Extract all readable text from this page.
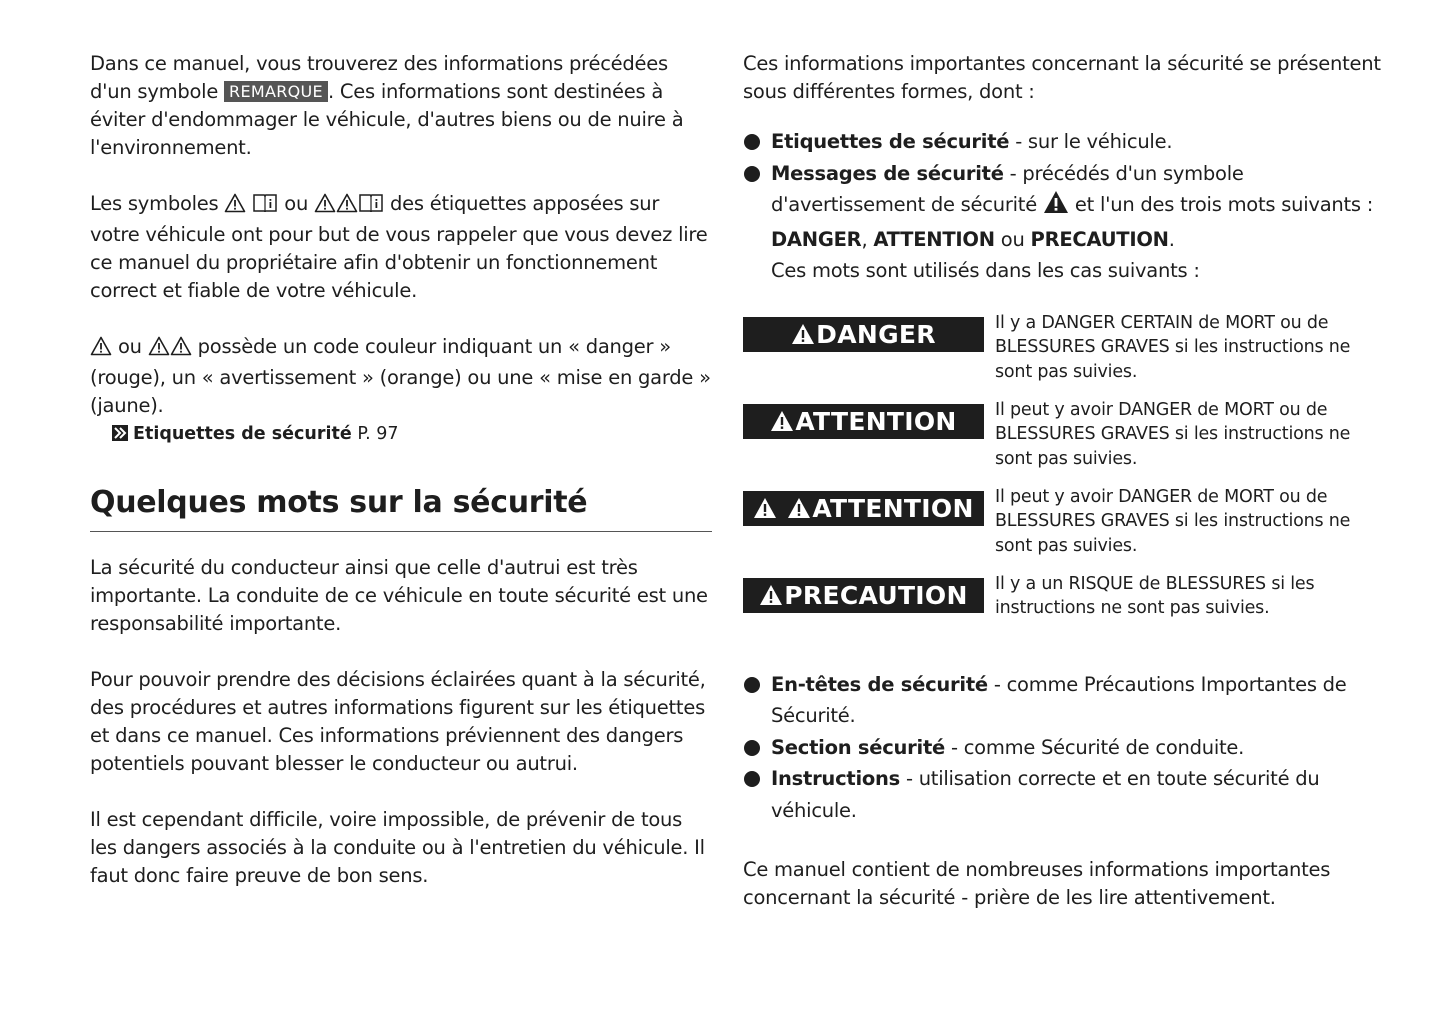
Dans ce manuel, vous trouverez des informations précédées d'un symbole REMARQUE . Ces informations sont destinées à éviter d'endommager le véhicule, d'autres biens ou de nuire à l'environnement.

Les symboles	ou	des étiquettes apposées sur votre véhicule ont pour but de vous rappeler que vous devez lire ce manuel du propriétaire afin d'obtenir un fonctionnement correct et fiable de votre véhicule.

ou  possède un code couleur indiquant un « danger » (rouge), un « avertissement » (orange) ou une « mise en garde » (jaune).

Etiquettes de sécurité P. 97
Quelques mots sur la sécurité

La sécurité du conducteur ainsi que celle d'autrui est très importante. La conduite de ce véhicule en toute sécurité est une responsabilité importante.

Pour pouvoir prendre des décisions éclairées quant à la sécurité, des procédures et autres informations figurent sur les étiquettes et dans ce manuel. Ces informations préviennent des dangers potentiels pouvant blesser le conducteur ou autrui.

Il est cependant difficile, voire impossible, de prévenir de tous les dangers associés à la conduite ou à l'entretien du véhicule. Il faut donc faire preuve de bon sens.

Ces informations importantes concernant la sécurité se présentent sous différentes formes, dont :

Etiquettes de sécurité - sur le véhicule.
Messages de sécurité - précédés d'un symbole d'avertissement de sécurité  et l'un des trois mots suivants : DANGER, ATTENTION ou PRECAUTION.
Ces mots sont utilisés dans les cas suivants :
DANGER	Il y a DANGER CERTAIN de MORT ou de BLESSURES GRAVES si les instructions ne sont pas suivies.
ATTENTION	Il peut y avoir DANGER de MORT ou de BLESSURES GRAVES si les instructions ne sont pas suivies.
ATTENTION	Il peut y avoir DANGER de MORT ou de BLESSURES GRAVES si les instructions ne sont pas suivies.
PRECAUTION	Il y a un RISQUE de BLESSURES si les instructions ne sont pas suivies.
En-têtes de sécurité - comme Précautions Importantes de Sécurité.
Section sécurité - comme Sécurité de conduite.
Instructions - utilisation correcte et en toute sécurité du véhicule.

Ce manuel contient de nombreuses informations importantes concernant la sécurité - prière de les lire attentivement.
